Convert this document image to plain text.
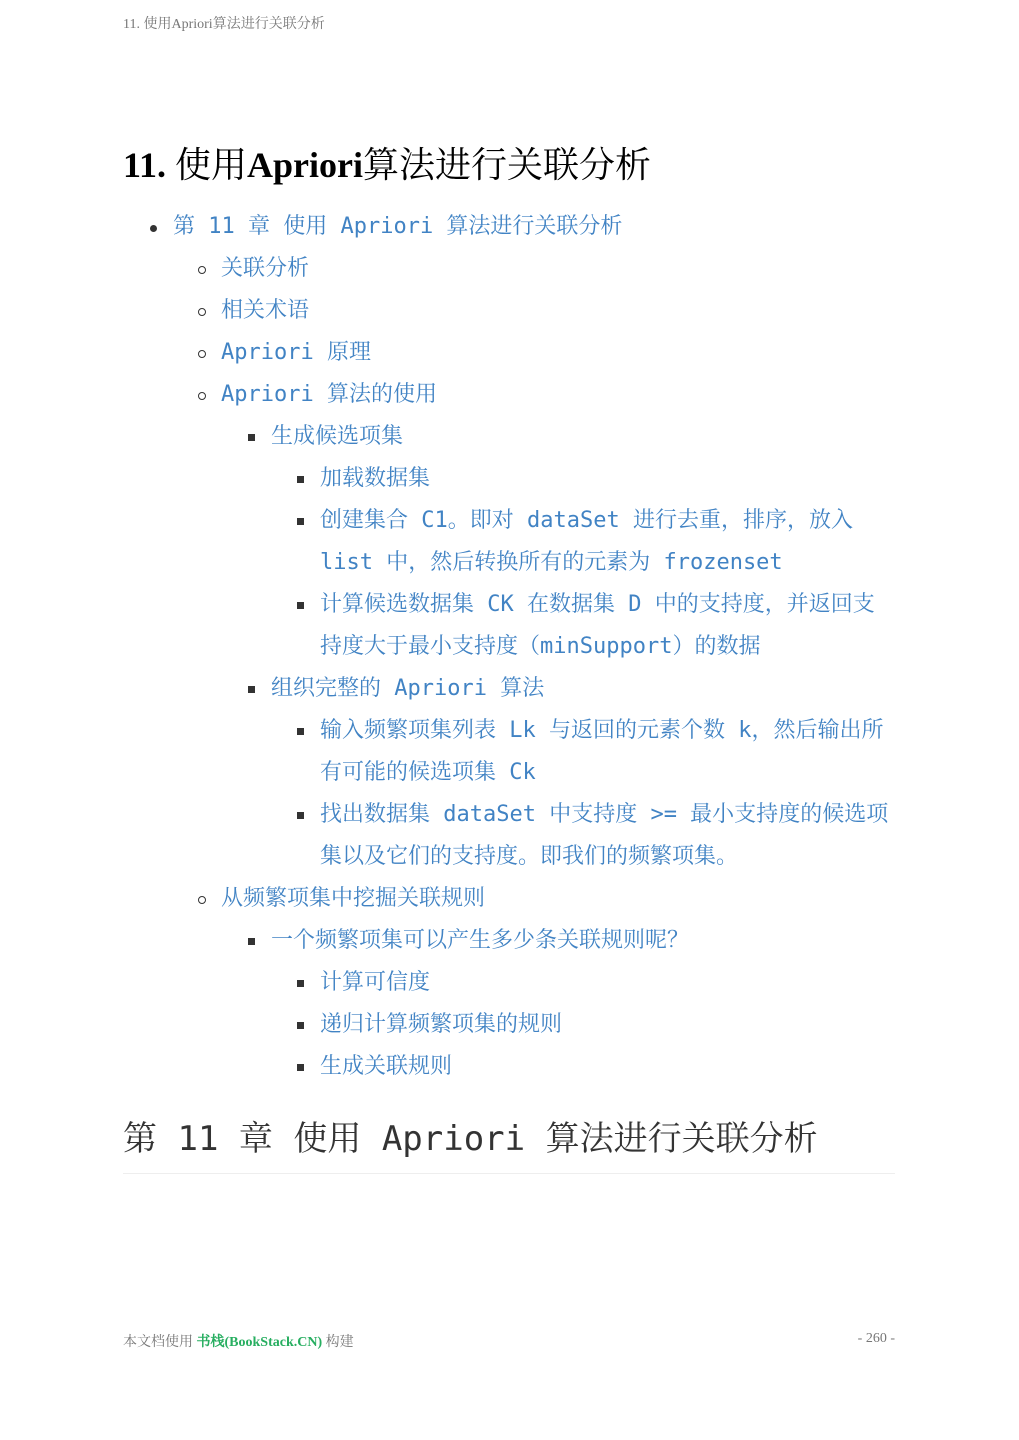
11. 使用Apriori算法进行关联分析
11. 使用Apriori算法进行关联分析
第 11 章 使用 Apriori 算法进行关联分析
关联分析
相关术语
Apriori 原理
Apriori 算法的使用
生成候选项集
加载数据集
创建集合 C1。即对 dataSet 进行去重，排序，放入 list 中，然后转换所有的元素为 frozenset
计算候选数据集 CK 在数据集 D 中的支持度，并返回支持度大于最小支持度（minSupport）的数据
组织完整的 Apriori 算法
输入频繁项集列表 Lk 与返回的元素个数 k，然后输出所有可能的候选项集 Ck
找出数据集 dataSet 中支持度 >= 最小支持度的候选项集以及它们的支持度。即我们的频繁项集。
从频繁项集中挖掘关联规则
一个频繁项集可以产生多少条关联规则呢？
计算可信度
递归计算频繁项集的规则
生成关联规则
第 11 章 使用 Apriori 算法进行关联分析
本文档使用 书栈(BookStack.CN) 构建	- 260 -
